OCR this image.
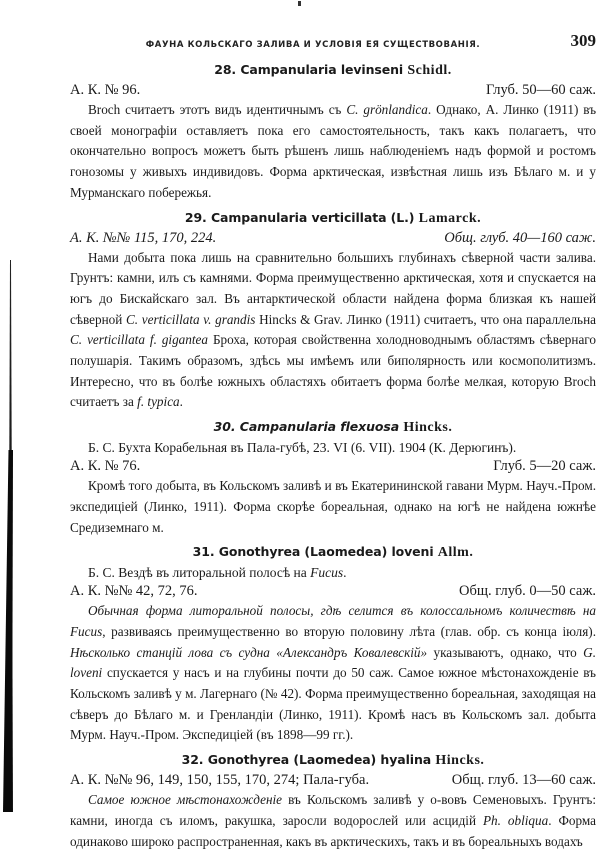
ФАУНА КОЛЬСКАГО ЗАЛИВА И УСЛОВІЯ ЕЯ СУЩЕСТВОВАНІЯ.	309
28. Campanularia levinseni Schidl.
А. К. № 96.	Глуб. 50—60 саж.

Broch считаетъ этотъ видъ идентичнымъ съ C. grönlandica. Однако, А. Линко (1911) въ своей монографіи оставляетъ пока его самостоятельность, такъ какъ полагаетъ, что окончательно вопросъ можетъ быть рѣшенъ лишь наблюденіемъ надъ формой и ростомъ гонозомы у живыхъ индивидовъ. Форма арктическая, извѣстная лишь изъ Бѣлаго м. и у Мурманскаго побережья.

29. Campanularia verticillata (L.) Lamarck.
А. К. №№ 115, 170, 224.	Общ. глуб. 40—160 саж.

Нами добыта пока лишь на сравнительно большихъ глубинахъ сѣверной части залива. Грунтъ: камни, илъ съ камнями. Форма преимущественно арктическая, хотя и спускается на югъ до Бискайскаго зал. Въ антарктической области найдена форма близкая къ нашей сѣверной C. verticillata v. grandis Hincks & Grav. Линко (1911) считаетъ, что она параллельна C. verticillata f. gigantea Броха, которая свойственна холодноводнымъ областямъ сѣвернаго полушарія. Такимъ образомъ, здѣсь мы имѣемъ или биполярность или космополитизмъ. Интересно, что въ болѣе южныхъ областяхъ обитаетъ форма болѣе мелкая, которую Broch считаетъ за f. typica.

30. Campanularia flexuosa Hincks.
Б. С. Бухта Корабельная въ Пала-губѣ, 23. VI (6. VII). 1904 (К. Дерюгинъ).
А. К. № 76.	Глуб. 5—20 саж.

Кромѣ того добыта, въ Кольскомъ заливѣ и въ Екатерининской гавани Мурм. Науч.-Пром. экспедиціей (Линко, 1911). Форма скорѣе бореальная, однако на югѣ не найдена южнѣе Средиземнаго м.

31. Gonothyrea (Laomedea) loveni Allm.
Б. С. Вездѣ въ литоральной полосѣ на Fucus.
А. К. №№ 42, 72, 76.	Общ. глуб. 0—50 саж.

Обычная форма литоральной полосы, гдѣ селится въ колоссальномъ количествѣ на Fucus, развиваясь преимущественно во вторую половину лѣта (глав. обр. съ конца іюля). Нѣсколько станцій лова съ судна «Александръ Ковалевскій» указываютъ, однако, что G. loveni спускается у насъ и на глубины почти до 50 саж. Самое южное мѣстонахожденіе въ Кольскомъ заливѣ у м. Лагернаго (№ 42). Форма преимущественно бореальная, заходящая на сѣверъ до Бѣлаго м. и Гренландіи (Линко, 1911). Кромѣ насъ въ Кольскомъ зал. добыта Мурм. Науч.-Пром. Экспедиціей (въ 1898—99 гг.).

32. Gonothyrea (Laomedea) hyalina Hincks.
А. К. №№ 96, 149, 150, 155, 170, 274; Пала-губа.	Общ. глуб. 13—60 саж.

Самое южное мѣстонахожденіе въ Кольскомъ заливѣ у о-вовъ Семеновыхъ. Грунтъ: камни, иногда съ иломъ, ракушка, заросли водорослей или асцидій Ph. obliqua. Форма одинаково широко распространенная, какъ въ арктическихъ, такъ и въ бореальныхъ водахъ
